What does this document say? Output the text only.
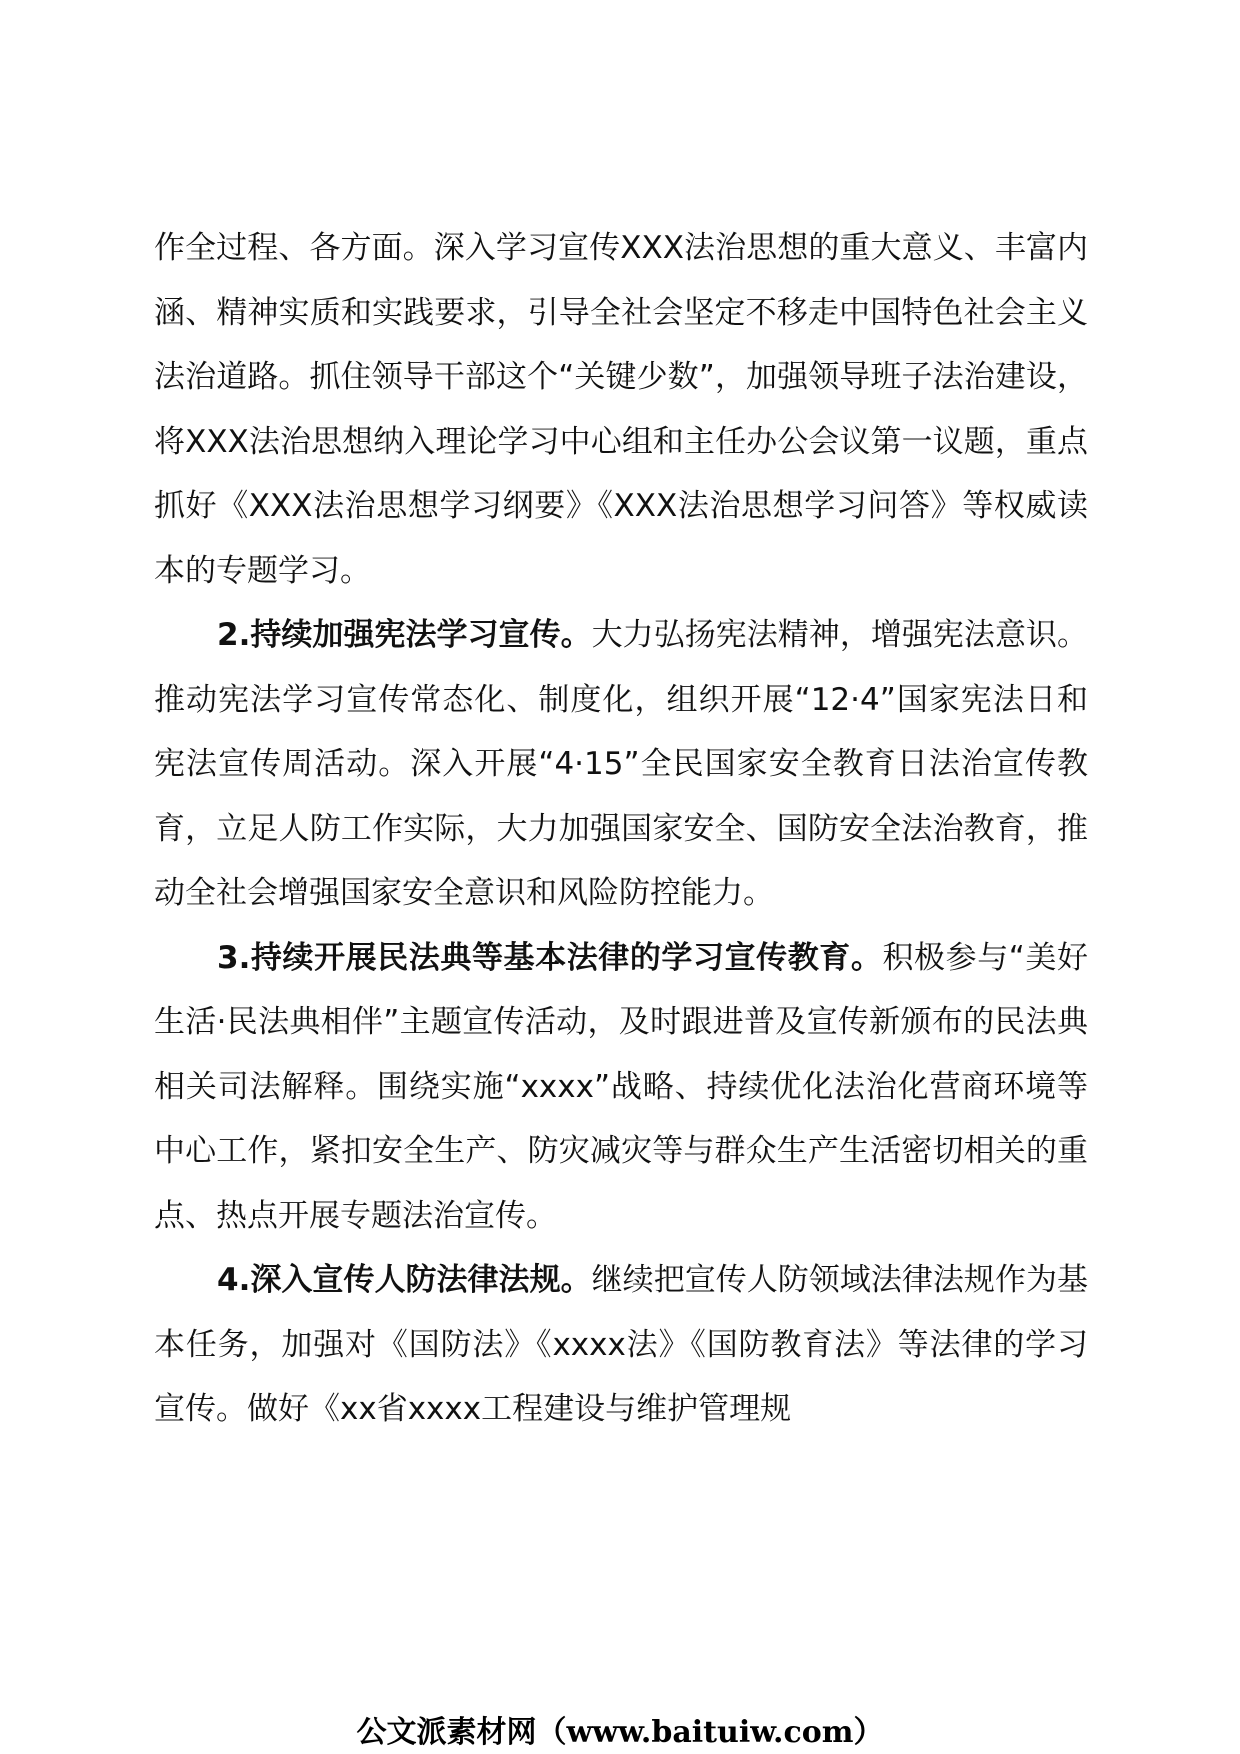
作全过程、各方面。深入学习宣传XXX法治思想的重大意义、丰富内涵、精神实质和实践要求，引导全社会坚定不移走中国特色社会主义法治道路。抓住领导干部这个“关键少数”，加强领导班子法治建设，将XXX法治思想纳入理论学习中心组和主任办公会议第一议题，重点抓好《XXX法治思想学习纲要》《XXX法治思想学习问答》等权威读本的专题学习。

2.持续加强宪法学习宣传。大力弘扬宪法精神，增强宪法意识。推动宪法学习宣传常态化、制度化，组织开展“12·4”国家宪法日和宪法宣传周活动。深入开展“4·15”全民国家安全教育日法治宣传教育，立足人防工作实际，大力加强国家安全、国防安全法治教育，推动全社会增强国家安全意识和风险防控能力。

3.持续开展民法典等基本法律的学习宣传教育。积极参与“美好生活·民法典相伴”主题宣传活动，及时跟进普及宣传新颁布的民法典相关司法解释。围绕实施“xxxx”战略、持续优化法治化营商环境等中心工作，紧扣安全生产、防灾减灾等与群众生产生活密切相关的重点、热点开展专题法治宣传。

4.深入宣传人防法律法规。继续把宣传人防领域法律法规作为基本任务，加强对《国防法》《xxxx法》《国防教育法》等法律的学习宣传。做好《xx省xxxx工程建设与维护管理规

公文派素材网（www.baituiw.com）
